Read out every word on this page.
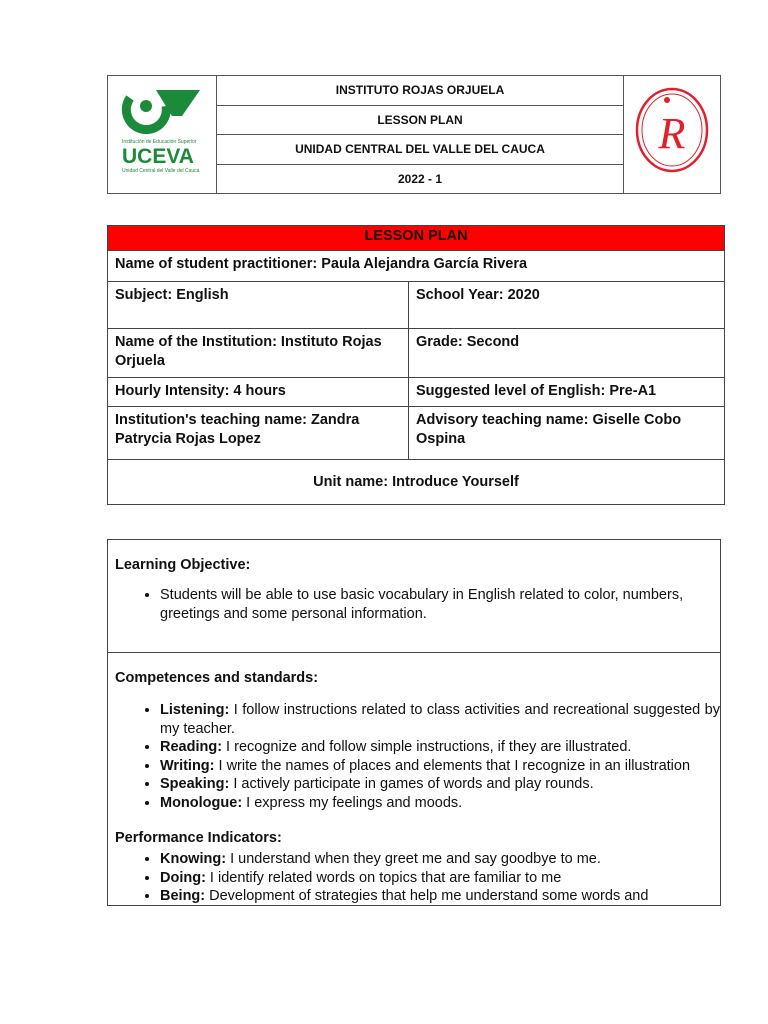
Institución de Educación Superior
UCEVA
Unidad Central del Valle del Cauca
	INSTITUTO ROJAS ORJUELA	
R

LESSON PLAN
UNIDAD CENTRAL DEL VALLE DEL CAUCA
2022 - 1
LESSON PLAN	
Name of student practitioner: Paula Alejandra García Rivera	
Subject: English	School Year: 2020
Name of the Institution: Instituto Rojas Orjuela	Grade: Second
Hourly Intensity: 4 hours	Suggested level of English: Pre-A1
Institution's teaching name: Zandra Patrycia Rojas Lopez	Advisory teaching name: Giselle Cobo Ospina
Unit name: Introduce Yourself	
Learning Objective:
• Students will be able to use basic vocabulary in English related to color, numbers, greetings and some personal information.
Competences and standards:
• Listening: I follow instructions related to class activities and recreational suggested by my teacher.
• Reading: I recognize and follow simple instructions, if they are illustrated.
• Writing: I write the names of places and elements that I recognize in an illustration
• Speaking: I actively participate in games of words and play rounds.
• Monologue: I express my feelings and moods.
Performance Indicators:
• Knowing: I understand when they greet me and say goodbye to me.
• Doing: I identify related words on topics that are familiar to me
• Being: Development of strategies that help me understand some words and
